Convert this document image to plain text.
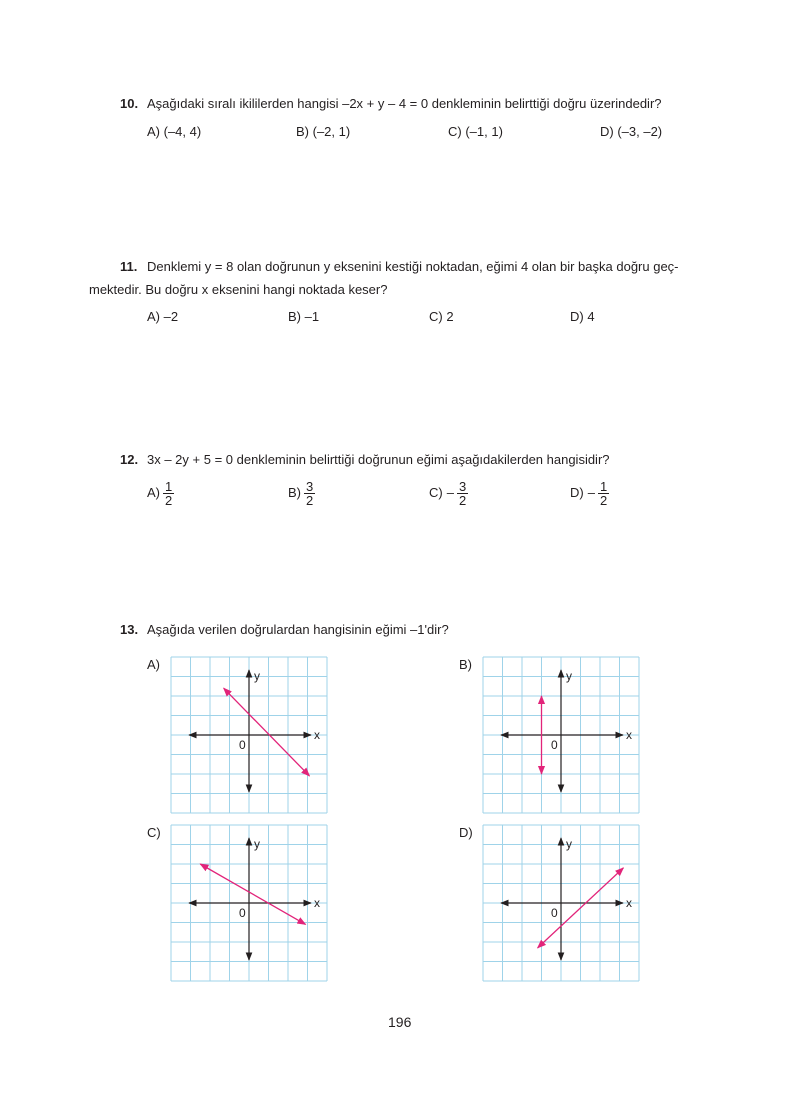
10. Aşağıdaki sıralı ikililerden hangisi –2x + y – 4 = 0 denkleminin belirttiği doğru üzerindedir?
A) (–4, 4)	B) (–2, 1)	C) (–1, 1)	D) (–3, –2)
11. Denklemi y = 8 olan doğrunun y eksenini kestiği noktadan, eğimi 4 olan bir başka doğru geç-
mektedir. Bu doğru x eksenini hangi noktada keser?
A) –2	B) –1	C) 2	D) 4
12. 3x – 2y + 5 = 0 denkleminin belirttiği doğrunun eğimi aşağıdakilerden hangisidir?
$A) \frac{1}{2}$	$B) \frac{3}{2}$	$C) - \frac{3}{2}$	$D) - \frac{1}{2}$
13. Aşağıda verilen doğrulardan hangisinin eğimi –1'dir?
A)
x
y
0
B)
x
y
0
C)
x
y
0
D)
x
y
0
196
